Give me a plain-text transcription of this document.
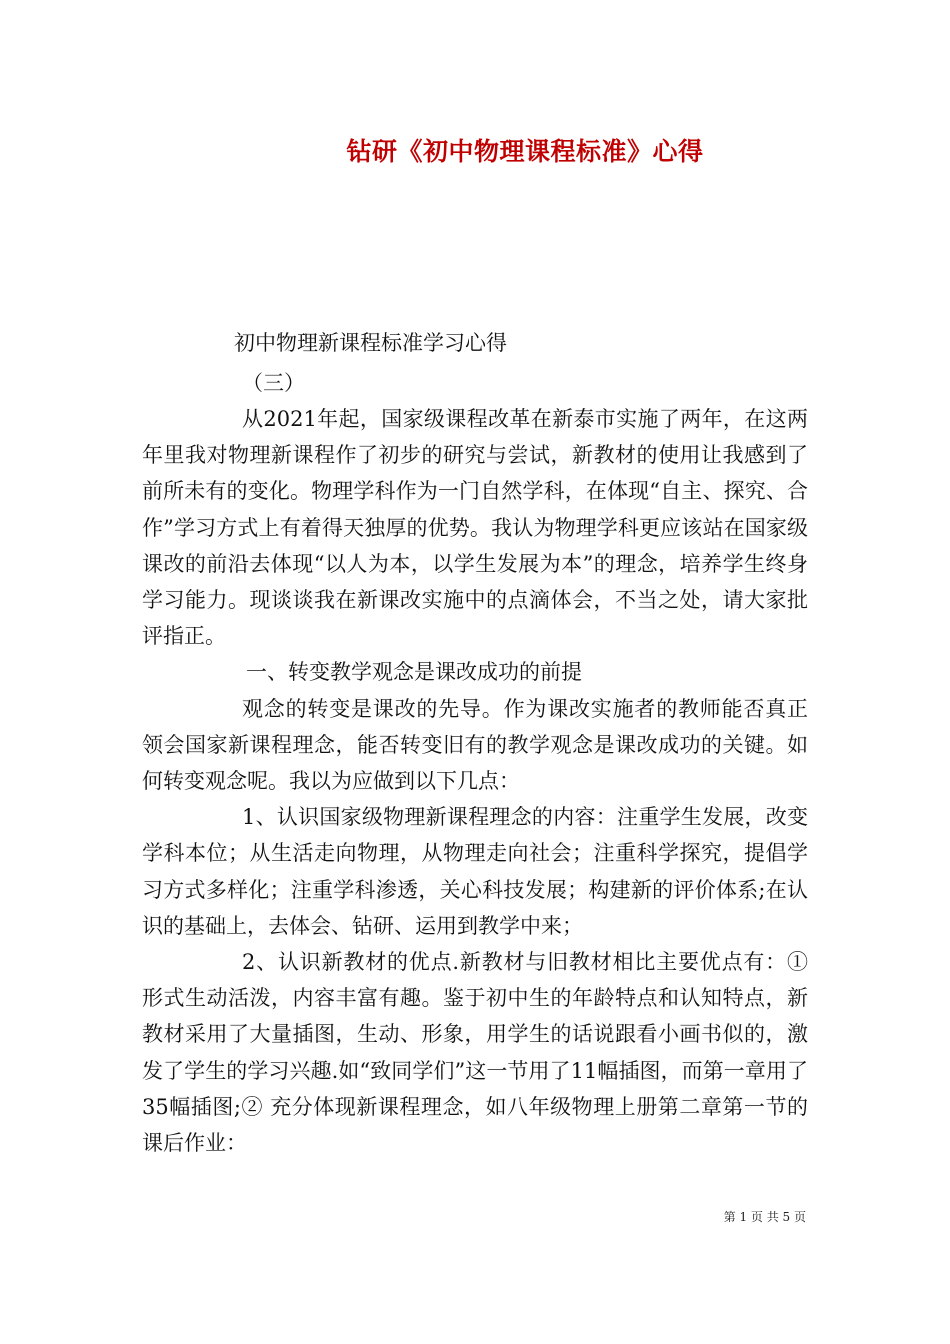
钻研《初中物理课程标准》心得
初中物理新课程标准学习心得
（三）

从2021年起，国家级课程改革在新泰市实施了两年，在这两年里我对物理新课程作了初步的研究与尝试，新教材的使用让我感到了前所未有的变化。物理学科作为一门自然学科，在体现“自主、探究、合作”学习方式上有着得天独厚的优势。我认为物理学科更应该站在国家级课改的前沿去体现“以人为本，以学生发展为本”的理念，培养学生终身学习能力。现谈谈我在新课改实施中的点滴体会，不当之处，请大家批评指正。

一、转变教学观念是课改成功的前提

观念的转变是课改的先导。作为课改实施者的教师能否真正领会国家新课程理念，能否转变旧有的教学观念是课改成功的关键。如何转变观念呢。我以为应做到以下几点：

1、认识国家级物理新课程理念的内容：注重学生发展，改变学科本位；从生活走向物理，从物理走向社会；注重科学探究，提倡学习方式多样化；注重学科渗透，关心科技发展；构建新的评价体系;在认识的基础上，去体会、钻研、运用到教学中来；

2、认识新教材的优点.新教材与旧教材相比主要优点有：①形式生动活泼，内容丰富有趣。鉴于初中生的年龄特点和认知特点，新教材采用了大量插图，生动、形象，用学生的话说跟看小画书似的，激发了学生的学习兴趣.如“致同学们”这一节用了11幅插图，而第一章用了35幅插图;② 充分体现新课程理念，如八年级物理上册第二章第一节的课后作业：

第 1 页 共 5 页
